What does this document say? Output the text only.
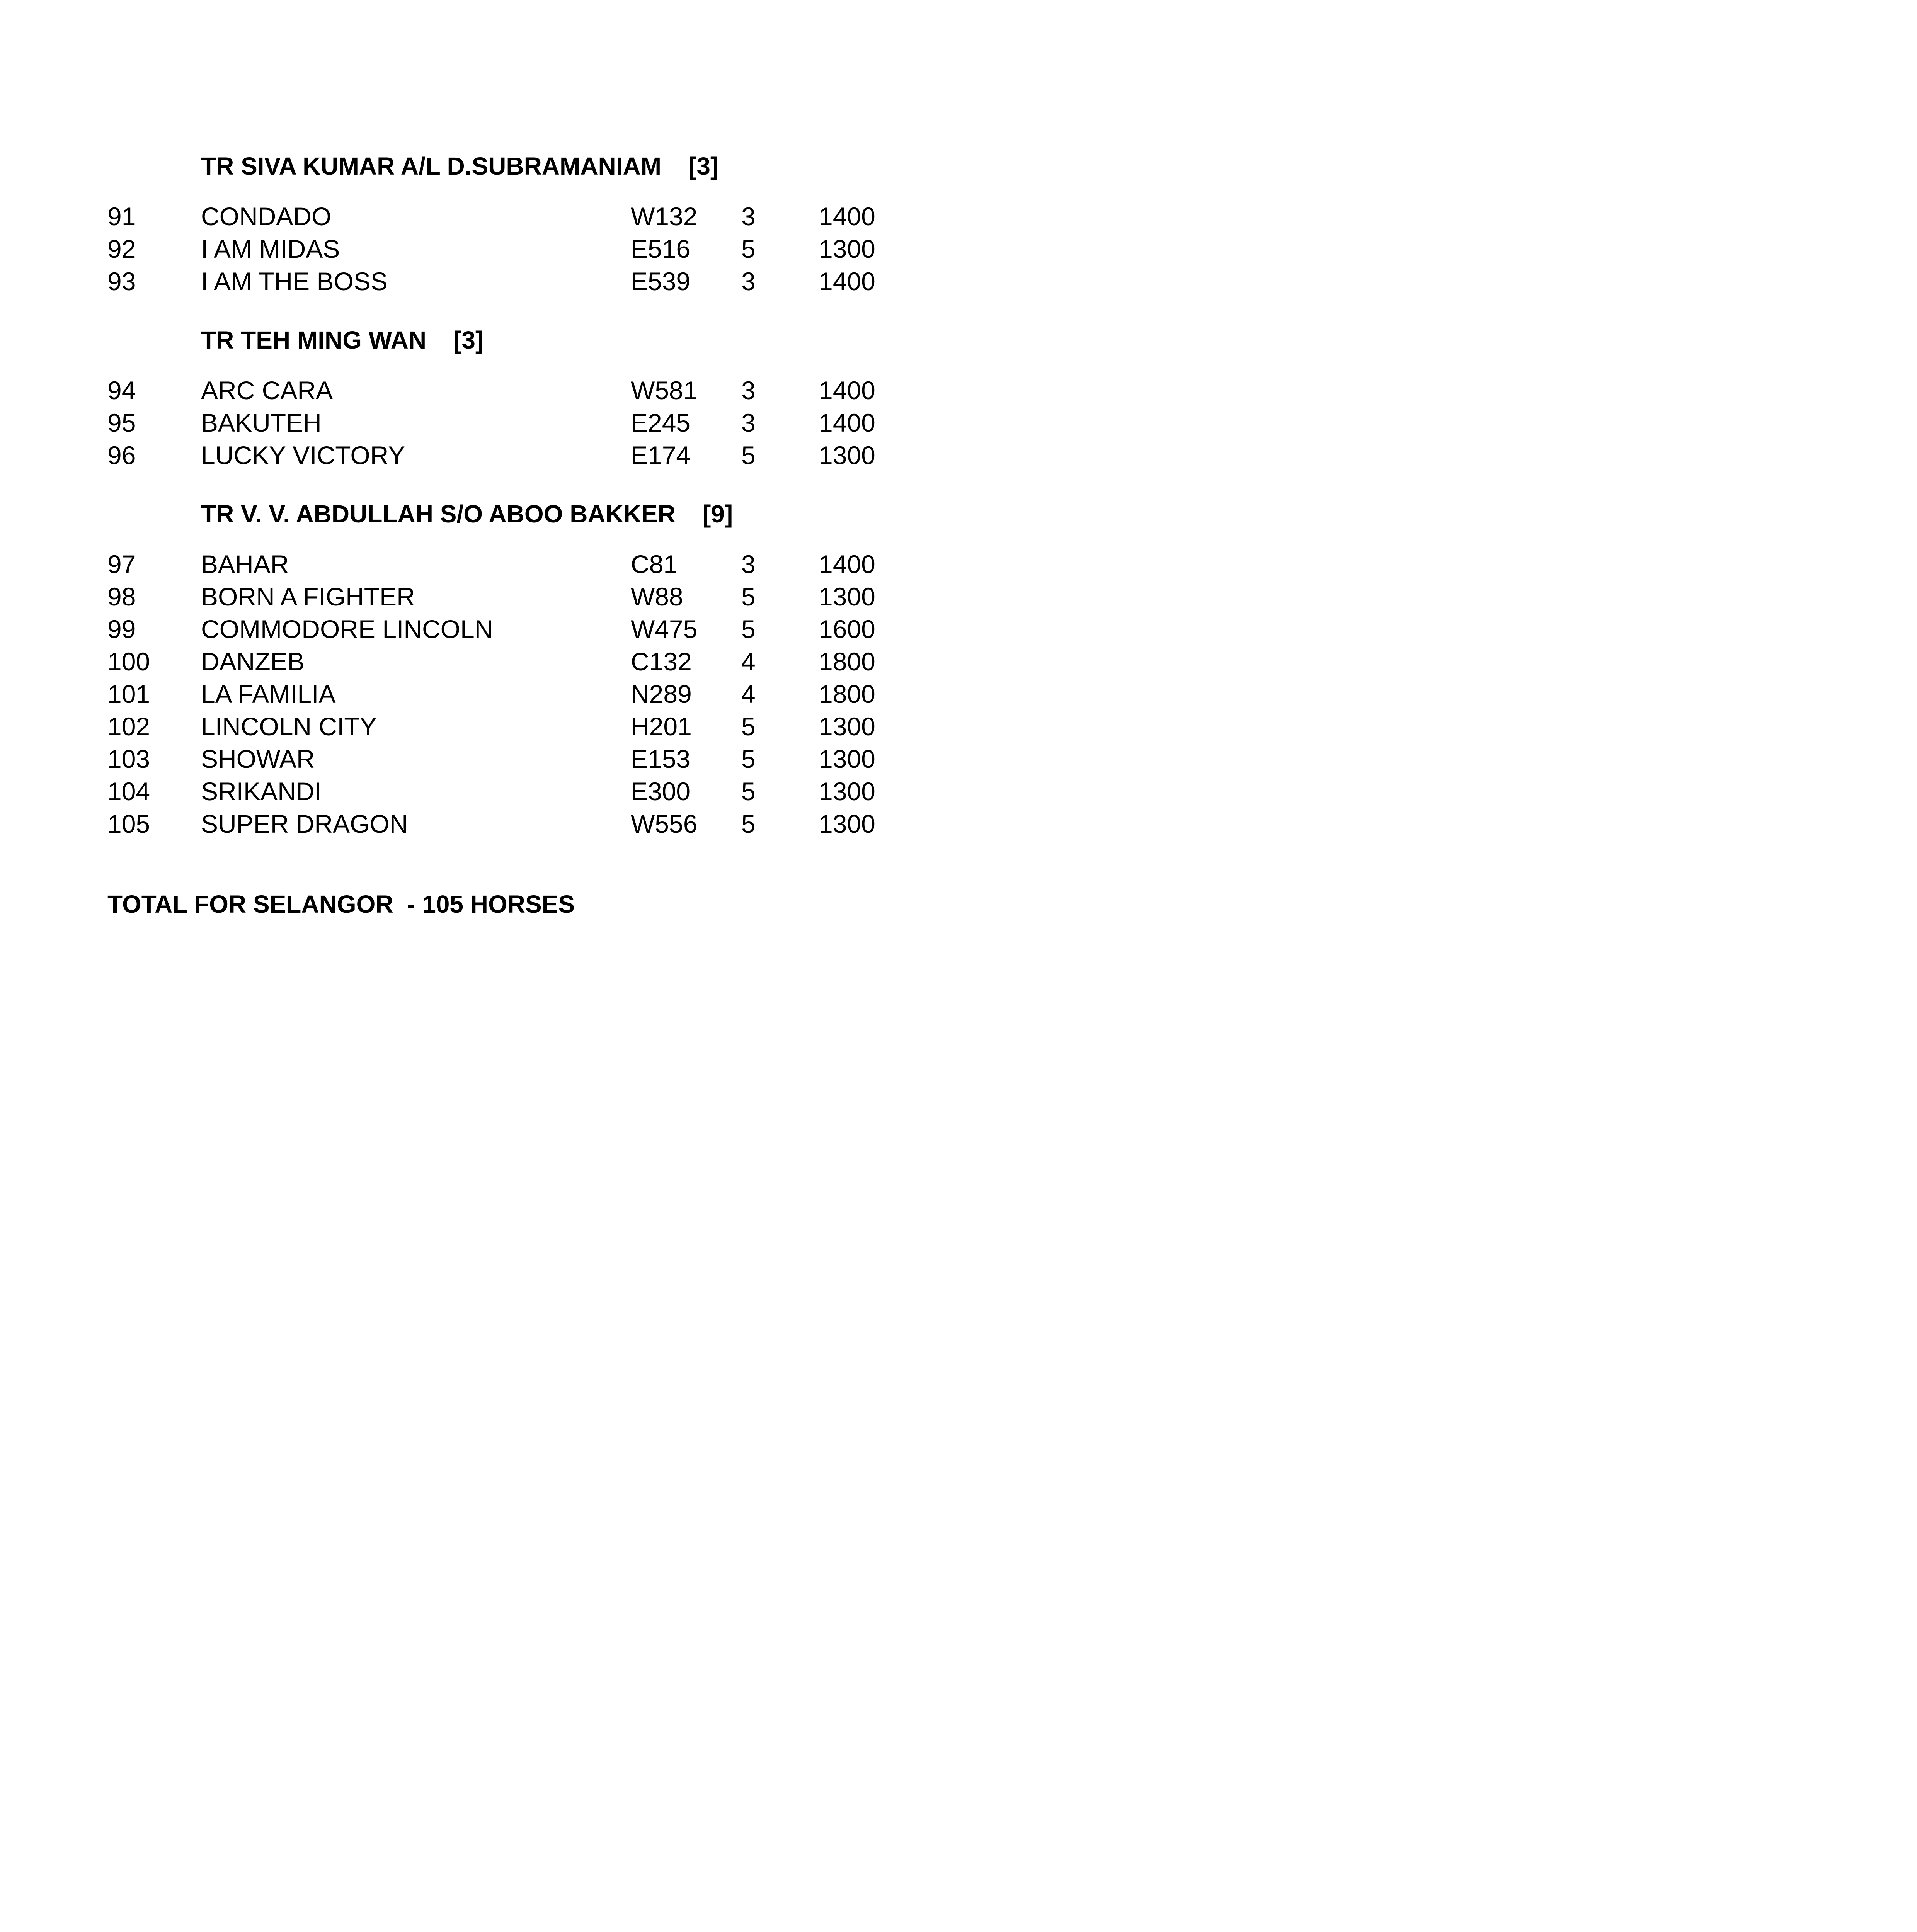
TR SIVA KUMAR A/L D.SUBRAMANIAM [3]
91	CONDADO	W132 3 1400
92	I AM MIDAS	E516 5 1300
93	I AM THE BOSS	E539 3 1400
TR TEH MING WAN [3]
94	ARC CARA	W581 3 1400
95	BAKUTEH	E245 3 1400
96	LUCKY VICTORY	E174 5 1300
TR V. V. ABDULLAH S/O ABOO BAKKER [9]
97	BAHAR	C81 3 1400
98	BORN A FIGHTER	W88 5 1300
99	COMMODORE LINCOLN	W475 5 1600
100 DANZEB	C132 4 1800
101 LA FAMILIA	N289 4 1800
102 LINCOLN CITY	H201 5 1300
103 SHOWAR	E153 5 1300
104 SRIKANDI	E300 5 1300
105 SUPER DRAGON	W556 5 1300
TOTAL FOR SELANGOR  - 105 HORSES
